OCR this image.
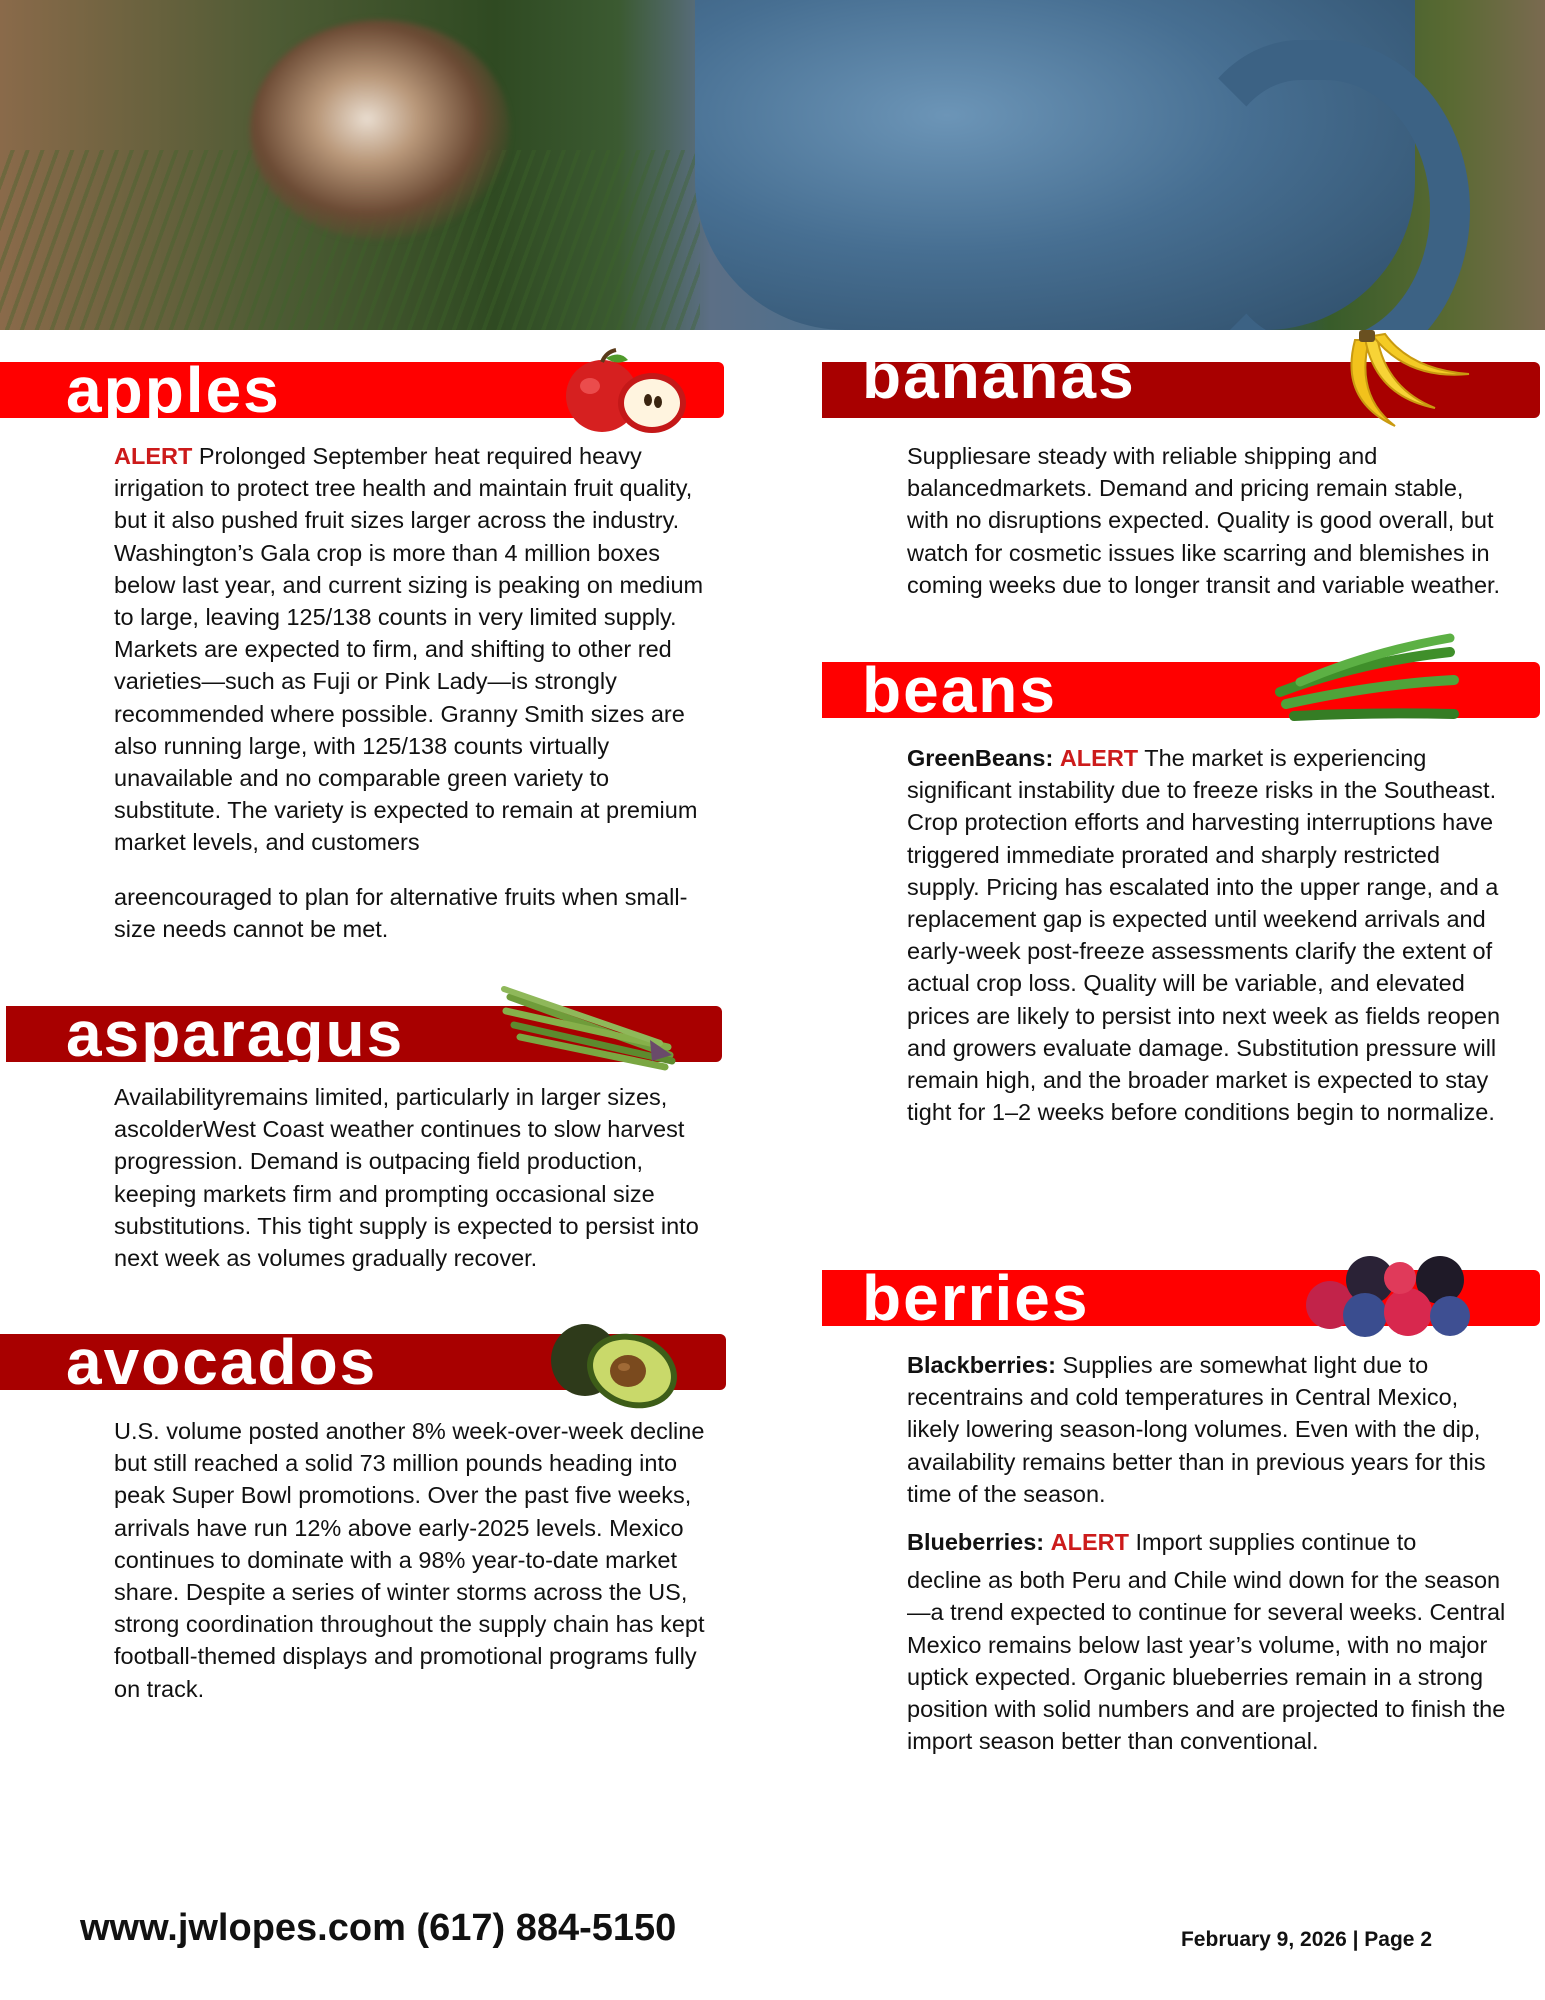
apples

ALERT Prolonged September heat required heavy irrigation to protect tree health and maintain fruit quality, but it also pushed fruit sizes larger across the industry. Washington’s Gala crop is more than 4 million boxes below last year, and current sizing is peaking on medium to large, leaving 125/138 counts in very limited supply. Markets are expected to firm, and shifting to other red varieties—such as Fuji or Pink Lady—is strongly recommended where possible. Granny Smith sizes are also running large, with 125/138 counts virtually unavailable and no comparable green variety to substitute. The variety is expected to remain at premium market levels, and customers

areencouraged to plan for alternative fruits when small-size needs cannot be met.

asparagus
Availabilityremains limited, particularly in larger sizes, ascolderWest Coast weather continues to slow harvest progression. Demand is outpacing field production, keeping markets firm and prompting occasional size substitutions. This tight supply is expected to persist into next week as volumes gradually recover.
avocados
U.S. volume posted another 8% week-over-week decline but still reached a solid 73 million pounds heading into peak Super Bowl promotions. Over the past five weeks, arrivals have run 12% above early-2025 levels. Mexico continues to dominate with a 98% year-to-date market share. Despite a series of winter storms across the US, strong coordination throughout the supply chain has kept football-themed displays and promotional programs fully on track.
bananas
Suppliesare steady with reliable shipping and balancedmarkets. Demand and pricing remain stable, with no disruptions expected. Quality is good overall, but watch for cosmetic issues like scarring and blemishes in coming weeks due to longer transit and variable weather.
beans

GreenBeans: ALERT The market is experiencing significant instability due to freeze risks in the Southeast. Crop protection efforts and harvesting interruptions have triggered immediate prorated and sharply restricted supply. Pricing has escalated into the upper range, and a replacement gap is expected until weekend arrivals and early-week post-freeze assessments clarify the extent of actual crop loss. Quality will be variable, and elevated prices are likely to persist into next week as fields reopen and growers evaluate damage. Substitution pressure will remain high, and the broader market is expected to stay tight for 1–2 weeks before conditions begin to normalize.

berries

Blackberries: Supplies are somewhat light due to recentrains and cold temperatures in Central Mexico, likely lowering season-long volumes. Even with the dip, availability remains better than in previous years for this time of the season.

Blueberries: ALERT Import supplies continue to

decline as both Peru and Chile wind down for the season—a trend expected to continue for several weeks. Central Mexico remains below last year’s volume, with no major uptick expected. Organic blueberries remain in a strong position with solid numbers and are projected to finish the import season better than conventional.

www.jwlopes.com (617) 884-5150	February 9, 2026 | Page 2
